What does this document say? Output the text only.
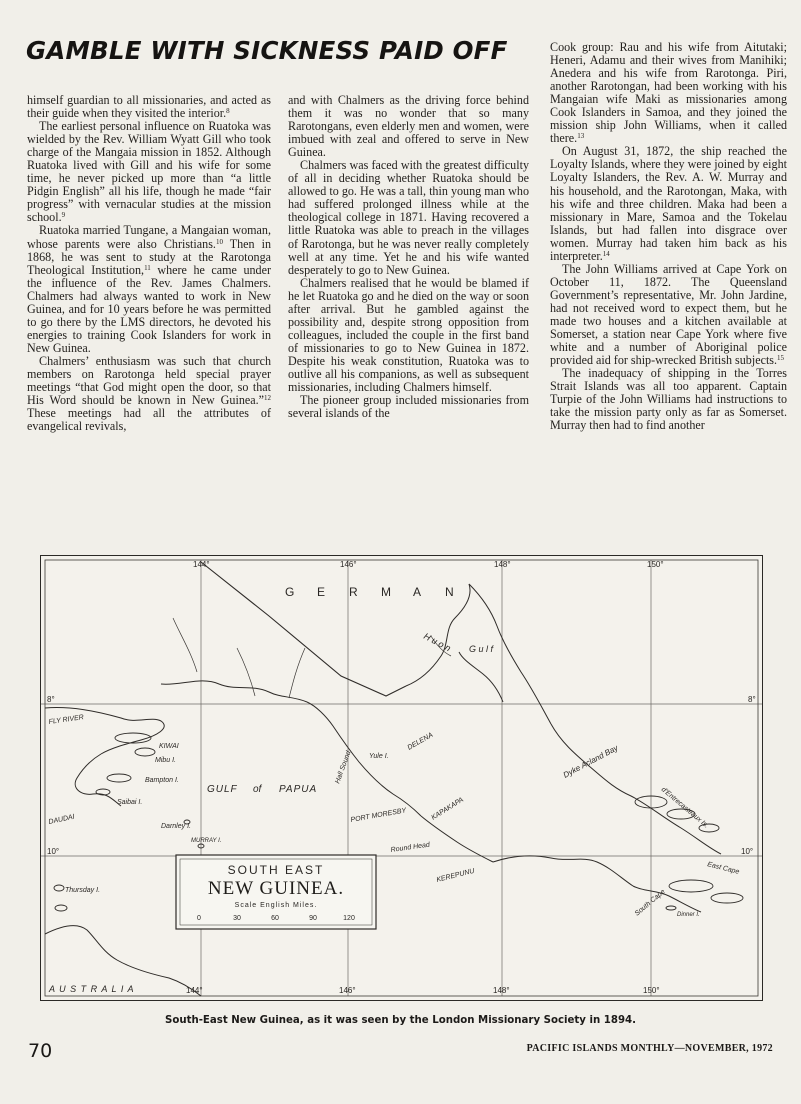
GAMBLE WITH SICKNESS PAID OFF

himself guardian to all missionaries, and acted as their guide when they visited the interior.$^8$

The earliest personal influence on Ruatoka was wielded by the Rev. William Wyatt Gill who took charge of the Mangaia mission in 1852. Although Ruatoka lived with Gill and his wife for some time, he never picked up more than “a little Pidgin English” all his life, though he made “fair progress” with vernacular studies at the mission school.$^9$

Ruatoka married Tungane, a Mangaian woman, whose parents were also Christians.$^{10}$ Then in 1868, he was sent to study at the Rarotonga Theological Institution,$^{11}$ where he came under the influence of the Rev. James Chalmers. Chalmers had always wanted to work in New Guinea, and for 10 years before he was permitted to go there by the LMS directors, he devoted his energies to training Cook Islanders for work in New Guinea.

Chalmers’ enthusiasm was such that church members on Rarotonga held special prayer meetings “that God might open the door, so that His Word should be known in New Guinea.”$^{12}$ These meetings had all the attributes of evangelical revivals,

and with Chalmers as the driving force behind them it was no wonder that so many Rarotongans, even elderly men and women, were imbued with zeal and offered to serve in New Guinea.

Chalmers was faced with the greatest difficulty of all in deciding whether Ruatoka should be allowed to go. He was a tall, thin young man who had suffered prolonged illness while at the theological college in 1871. Having recovered a little Ruatoka was able to preach in the villages of Rarotonga, but he was never really completely well at any time. Yet he and his wife wanted desperately to go to New Guinea.

Chalmers realised that he would be blamed if he let Ruatoka go and he died on the way or soon after arrival. But he gambled against the possibility and, despite strong opposition from colleagues, included the couple in the first band of missionaries to go to New Guinea in 1872. Despite his weak constitution, Ruatoka was to outlive all his companions, as well as subsequent missionaries, including Chalmers himself.

The pioneer group included missionaries from several islands of the

Cook group: Rau and his wife from Aitutaki; Heneri, Adamu and their wives from Manihiki; Anedera and his wife from Rarotonga. Piri, another Rarotongan, had been working with his Mangaian wife Maki as missionaries among Cook Islanders in Samoa, and they joined the mission ship John Williams, when it called there.$^{13}$

On August 31, 1872, the ship reached the Loyalty Islands, where they were joined by eight Loyalty Islanders, the Rev. A. W. Murray and his household, and the Rarotongan, Maka, with his wife and three children. Maka had been a missionary in Mare, Samoa and the Tokelau Islands, but had fallen into disgrace over women. Murray had taken him back as his interpreter.$^{14}$

The John Williams arrived at Cape York on October 11, 1872. The Queensland Government’s representative, Mr. John Jardine, had not received word to expect them, but he made two houses and a kitchen available at Somerset, a station near Cape York where five white and a number of Aboriginal police provided aid for ship-wrecked British subjects.$^{15}$

The inadequacy of shipping in the Torres Strait Islands was all too apparent. Captain Turpie of the John Williams had instructions to take the mission party only as far as Somerset. Murray then had to find another

SOUTH EAST
NEW GUINEA.
Scale English Miles.
0	30	60	90	120
144°	146°	148°	150°
144°	146°	148°	150°
8°
10°
8°
10°
G E R M A N
H u o n G u l f
FLY RIVER
KIWAI
Mibu I.
Bampton I.
Saibai I.
DAUDAI
Darnley I.
MURRAY I.
GULF of PAPUA
Yule I.
Hall Sound
DELENA
PORT MORESBY	KAPAKAPA
Round Head
KEREPUNU
Dyke Acland Bay
d'Entrecasteaux Is.
East Cape
Dinner I.
South Cape
Thursday I.
A U S T R A L I A
South-East New Guinea, as it was seen by the London Missionary Society in 1894.
70	PACIFIC ISLANDS MONTHLY—NOVEMBER, 1972
